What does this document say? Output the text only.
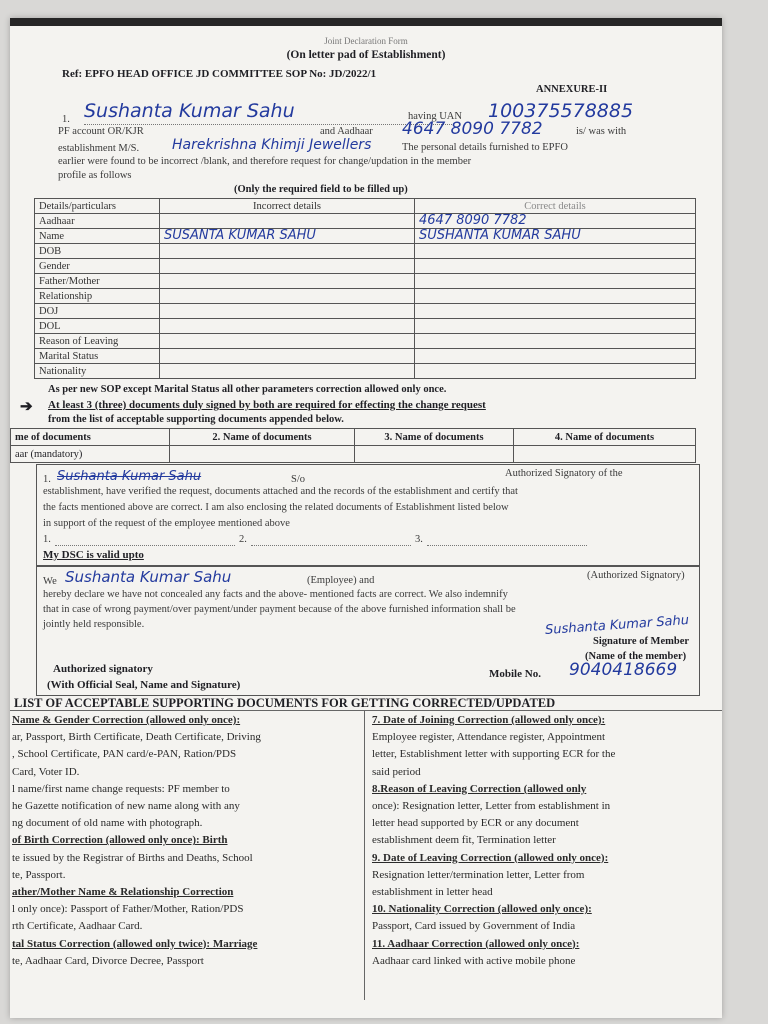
Joint Declaration Form
(On letter pad of Establishment)
Ref: EPFO HEAD OFFICE JD COMMITTEE SOP No: JD/2022/1
ANNEXURE-II
1. Sushanta Kumar Sahu	having UAN 100375578885
PF account OR/KJR	and Aadhaar 4647 8090 7782	is/ was with
establishment M/S. Harekrishna Khimji Jewellers	The personal details furnished to EPFO
earlier were found to be incorrect /blank, and therefore request for change/updation in the member
profile as follows
(Only the required field to be filled up)
Details/particulars	Incorrect details	Correct details
Aadhaar		4647 8090 7782
Name	SUSANTA KUMAR SAHU	SUSHANTA KUMAR SAHU
DOB		
Gender		
Father/Mother		
Relationship		
DOJ		
DOL		
Reason of Leaving		
Marital Status		
Nationality		
As per new SOP except Marital Status all other parameters correction allowed only once.
➔ At least 3 (three) documents duly signed by both are required for effecting the change request
from the list of acceptable supporting documents appended below.
me of documents	2. Name of documents	3. Name of documents	4. Name of documents
aar (mandatory)			
1. Sushanta Kumar Sahu	S/o
Authorized Signatory of the
establishment, have verified the request, documents attached and the records of the establishment and certify that
the facts mentioned above are correct. I am also enclosing the related documents of Establishment listed below
in support of the request of the employee mentioned above
1.	2.	3.
My DSC is valid upto
We Sushanta Kumar Sahu	(Employee) and	(Authorized Signatory)
hereby declare we have not concealed any facts and the above- mentioned facts are correct. We also indemnify
that in case of wrong payment/over payment/under payment because of the above furnished information shall be
jointly held responsible.	Sushanta Kumar Sahu
Signature of Member
(Name of the member)
Authorized signatory
(With Official Seal, Name and Signature)
Mobile No. 9040418669
LIST OF ACCEPTABLE SUPPORTING DOCUMENTS FOR GETTING CORRECTED/UPDATED
Name & Gender Correction (allowed only once):
ar, Passport, Birth Certificate, Death Certificate, Driving
, School Certificate, PAN card/e-PAN, Ration/PDS
Card, Voter ID.
l name/first name change requests: PF member to
he Gazette notification of new name along with any
ng document of old name with photograph.
of Birth Correction (allowed only once): Birth
te issued by the Registrar of Births and Deaths, School
te, Passport.
ather/Mother Name & Relationship Correction
l only once): Passport of Father/Mother, Ration/PDS
rth Certificate, Aadhaar Card.
tal Status Correction (allowed only twice): Marriage
te, Aadhaar Card, Divorce Decree, Passport
7. Date of Joining Correction (allowed only once):
Employee register, Attendance register, Appointment
letter, Establishment letter with supporting ECR for the
said period
8.Reason of Leaving Correction (allowed only
once): Resignation letter, Letter from establishment in
letter head supported by ECR or any document
establishment deem fit, Termination letter
9. Date of Leaving Correction (allowed only once):
Resignation letter/termination letter, Letter from
establishment in letter head
10. Nationality Correction (allowed only once):
Passport, Card issued by Government of India
11. Aadhaar Correction (allowed only once):
Aadhaar card linked with active mobile phone
